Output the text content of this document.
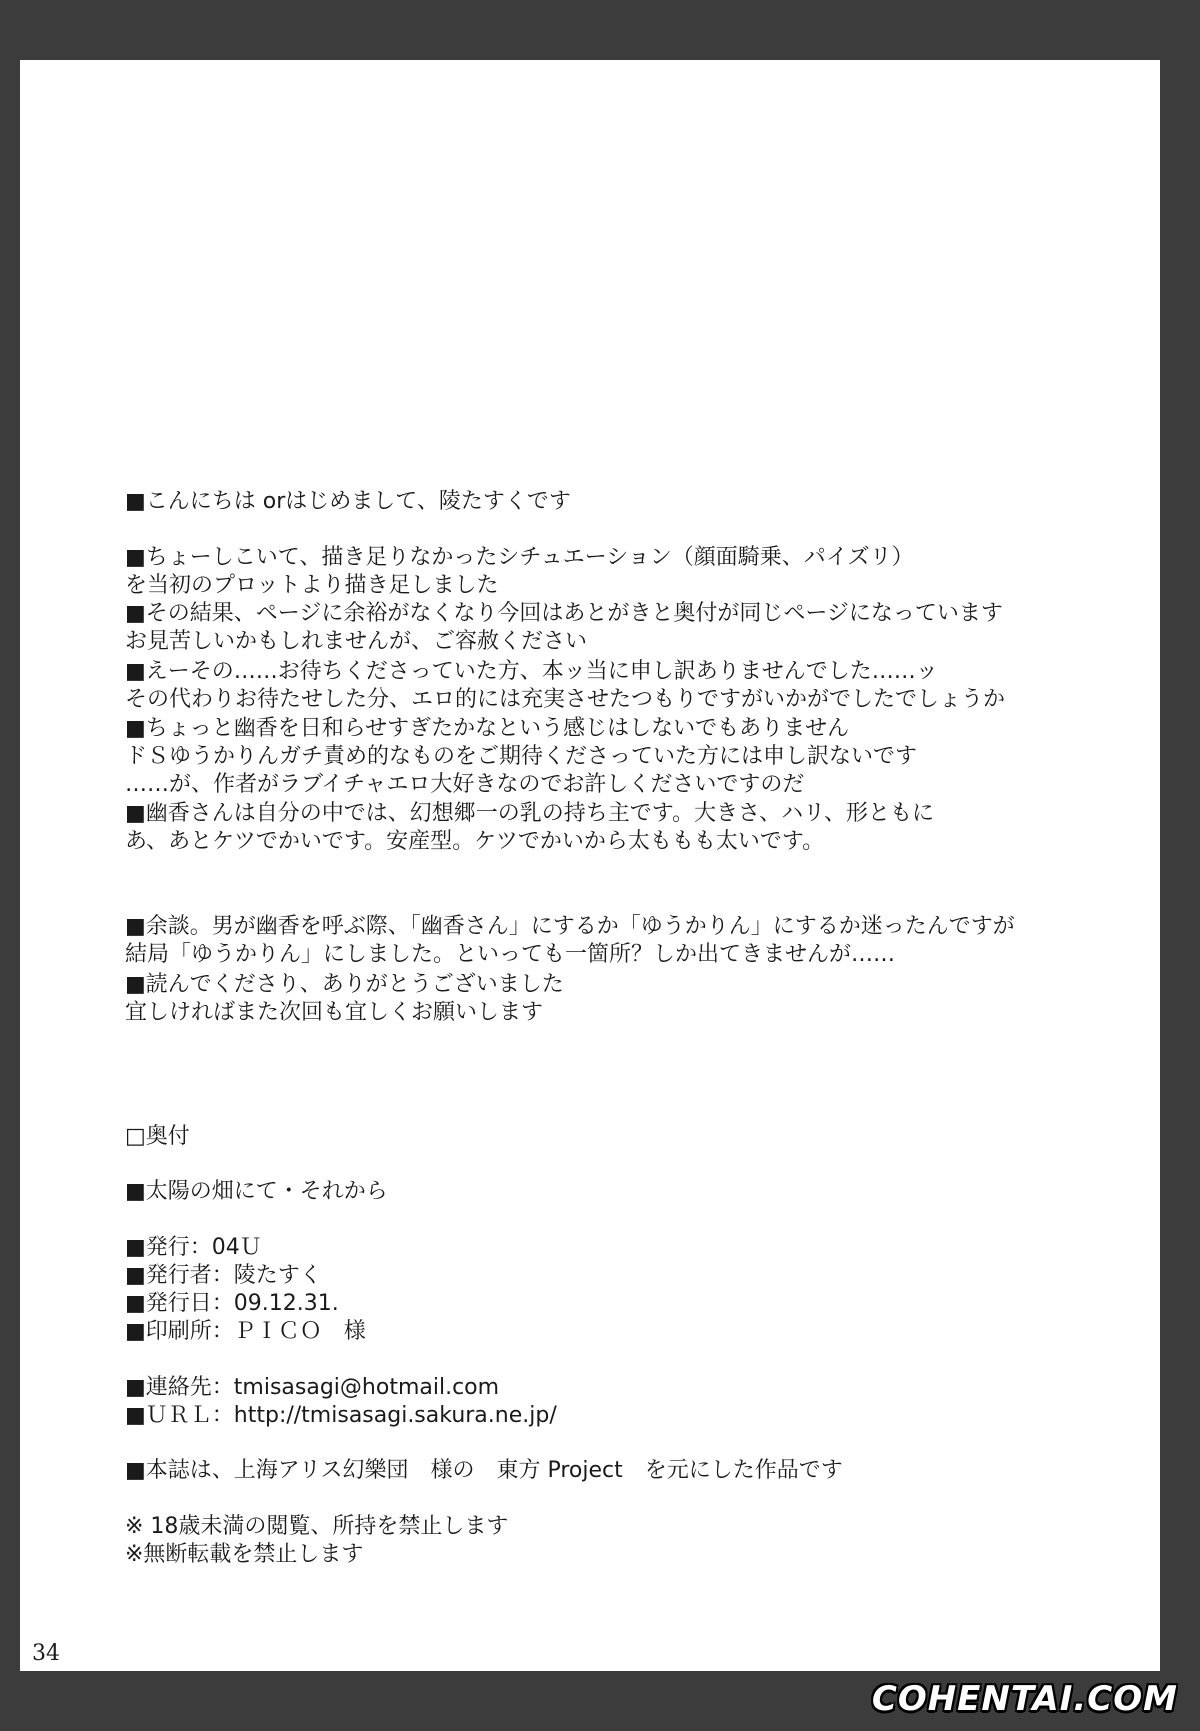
■こんにちは orはじめまして、陵たすくです
■ちょーしこいて、描き足りなかったシチュエーション（顔面騎乗、パイズリ）
を当初のプロットより描き足しました
■その結果、ページに余裕がなくなり今回はあとがきと奥付が同じページになっています
お見苦しいかもしれませんが、ご容赦ください
■えーその……お待ちくださっていた方、本ッ当に申し訳ありませんでした……ッ
その代わりお待たせした分、エロ的には充実させたつもりですがいかがでしたでしょうか
■ちょっと幽香を日和らせすぎたかなという感じはしないでもありません
ドＳゆうかりんガチ責め的なものをご期待くださっていた方には申し訳ないです
……が、作者がラブイチャエロ大好きなのでお許しくださいですのだ
■幽香さんは自分の中では、幻想郷一の乳の持ち主です。大きさ、ハリ、形ともに
あ、あとケツでかいです。安産型。ケツでかいから太ももも太いです。
■余談。男が幽香を呼ぶ際、「幽香さん」にするか「ゆうかりん」にするか迷ったんですが
結局「ゆうかりん」にしました。といっても一箇所？しか出てきませんが……
■読んでくださり、ありがとうございました
宜しければまた次回も宜しくお願いします
□奥付
■太陽の畑にて・それから
■発行：04Ｕ
■発行者：陵たすく
■発行日：09.12.31.
■印刷所：ＰＩＣＯ　様
■連絡先：tmisasagi@hotmail.com
■ＵＲＬ：http://tmisasagi.sakura.ne.jp/
■本誌は、上海アリス幻樂団　様の　東方 Project　を元にした作品です
※ 18歳未満の閲覧、所持を禁止します
※無断転載を禁止します
34
COHENTAI.COM
